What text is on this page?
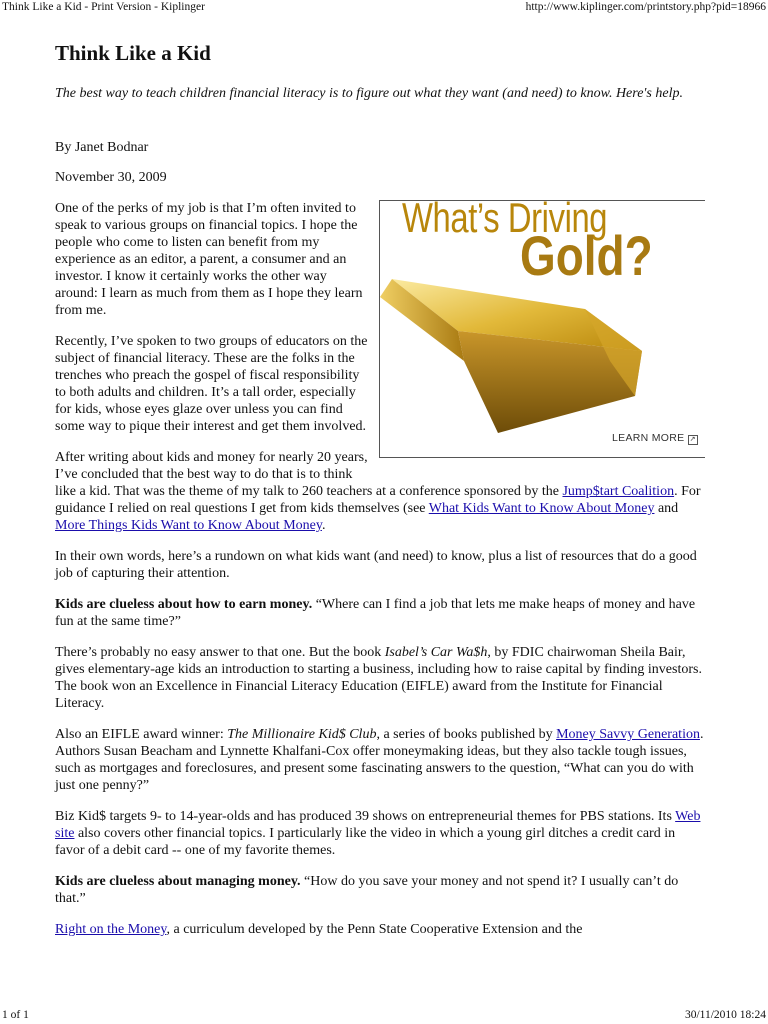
Think Like a Kid - Print Version - Kiplinger	http://www.kiplinger.com/printstory.php?pid=18966
Think Like a Kid
The best way to teach children financial literacy is to figure out what they want (and need) to know. Here's help.
By Janet Bodnar
November 30, 2009
What’s Driving
Gold?
LEARN MORE ↗

One of the perks of my job is that I’m often invited to speak to various groups on financial topics. I hope the people who come to listen can benefit from my experience as an editor, a parent, a consumer and an investor. I know it certainly works the other way around: I learn as much from them as I hope they learn from me.

Recently, I’ve spoken to two groups of educators on the subject of financial literacy. These are the folks in the trenches who preach the gospel of fiscal responsibility to both adults and children. It’s a tall order, especially for kids, whose eyes glaze over unless you can find some way to pique their interest and get them involved.

After writing about kids and money for nearly 20 years, I’ve concluded that the best way to do that is to think like a kid. That was the theme of my talk to 260 teachers at a conference sponsored by the Jump$tart Coalition. For guidance I relied on real questions I get from kids themselves (see What Kids Want to Know About Money and More Things Kids Want to Know About Money.

In their own words, here’s a rundown on what kids want (and need) to know, plus a list of resources that do a good job of capturing their attention.

Kids are clueless about how to earn money. “Where can I find a job that lets me make heaps of money and have fun at the same time?”

There’s probably no easy answer to that one. But the book Isabel’s Car Wa$h, by FDIC chairwoman Sheila Bair, gives elementary-age kids an introduction to starting a business, including how to raise capital by finding investors. The book won an Excellence in Financial Literacy Education (EIFLE) award from the Institute for Financial Literacy.

Also an EIFLE award winner: The Millionaire Kid$ Club, a series of books published by Money Savvy Generation. Authors Susan Beacham and Lynnette Khalfani-Cox offer moneymaking ideas, but they also tackle tough issues, such as mortgages and foreclosures, and present some fascinating answers to the question, “What can you do with just one penny?”

Biz Kid$ targets 9- to 14-year-olds and has produced 39 shows on entrepreneurial themes for PBS stations. Its Web site also covers other financial topics. I particularly like the video in which a young girl ditches a credit card in favor of a debit card -- one of my favorite themes.

Kids are clueless about managing money. “How do you save your money and not spend it? I usually can’t do that.”

Right on the Money, a curriculum developed by the Penn State Cooperative Extension and the

1 of 1	30/11/2010 18:24
